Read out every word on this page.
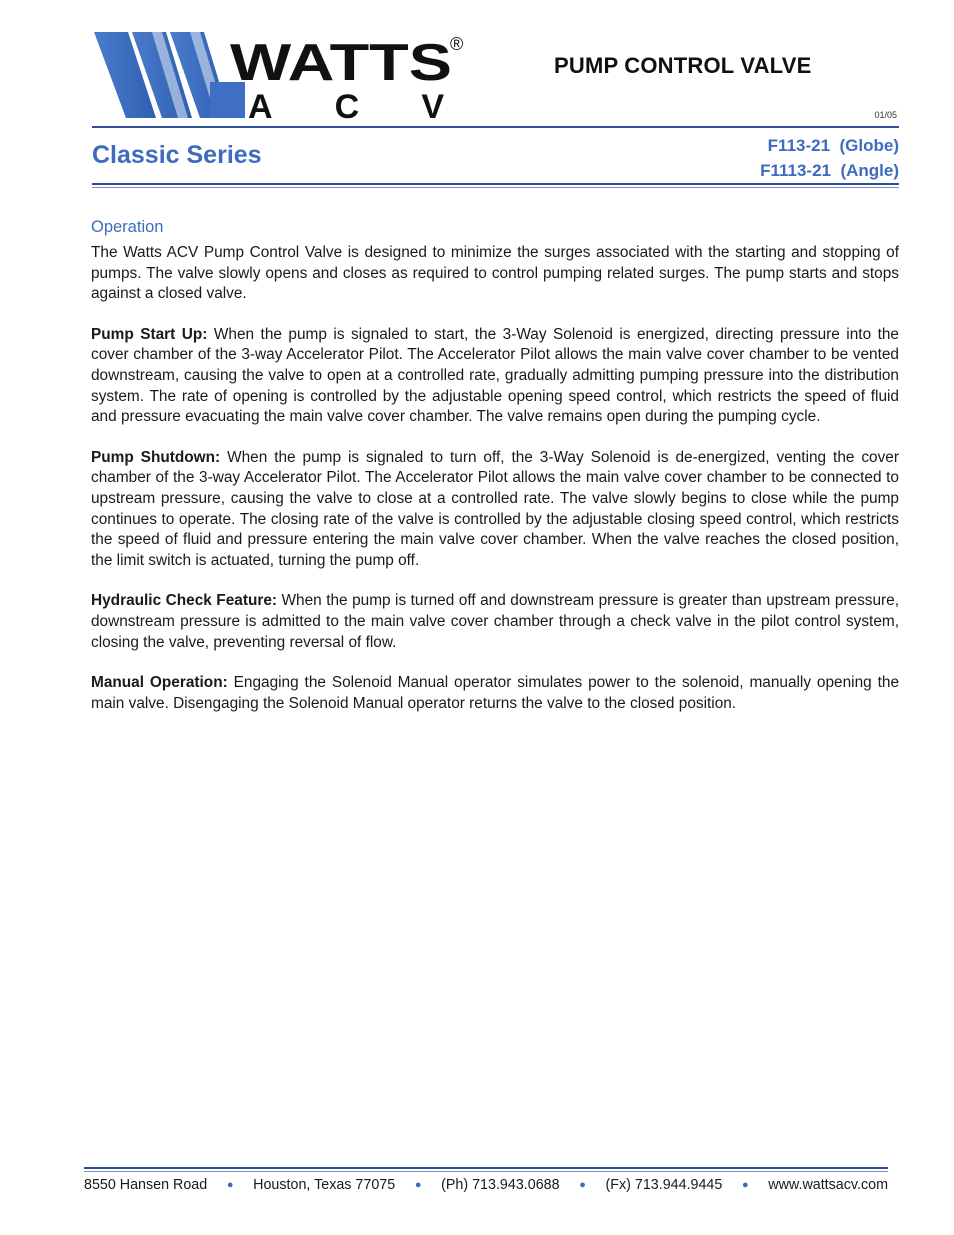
WATTS
®
ACV
PUMP CONTROL VALVE
01/05
Classic Series	F113-21  (Globe)
F1113-21  (Angle)
Operation

The Watts ACV Pump Control Valve is designed to minimize the surges associated with the starting and stopping of pumps. The valve slowly opens and closes as required to control pumping related surges. The pump starts and stops against a closed valve.

Pump Start Up: When the pump is signaled to start, the 3-Way Solenoid is energized, directing pressure into the cover chamber of the 3-way Accelerator Pilot. The Accelerator Pilot allows the main valve cover chamber to be vented downstream, causing the valve to open at a controlled rate, gradually admitting pumping pressure into the distribution system. The rate of opening is controlled by the adjustable opening speed control, which restricts the speed of fluid and pressure evacuating the main valve cover chamber. The valve remains open during the pumping cycle.

Pump Shutdown: When the pump is signaled to turn off, the 3-Way Solenoid is de-energized, venting the cover chamber of the 3-way Accelerator Pilot. The Accelerator Pilot allows the main valve cover chamber to be connected to upstream pressure, causing the valve to close at a controlled rate. The valve slowly begins to close while the pump continues to operate. The closing rate of the valve is controlled by the adjustable closing speed control, which restricts the speed of fluid and pressure entering the main valve cover chamber. When the valve reaches the closed position, the limit switch is actuated, turning the pump off.

Hydraulic Check Feature: When the pump is turned off and downstream pressure is greater than upstream pressure, downstream pressure is admitted to the main valve cover chamber through a check valve in the pilot control system, closing the valve, preventing reversal of flow.

Manual Operation: Engaging the Solenoid Manual operator simulates power to the solenoid, manually opening the main valve. Disengaging the Solenoid Manual operator returns the valve to the closed position.

8550 Hansen Road ● Houston, Texas 77075 ● (Ph) 713.943.0688 ● (Fx) 713.944.9445 ● www.wattsacv.com
